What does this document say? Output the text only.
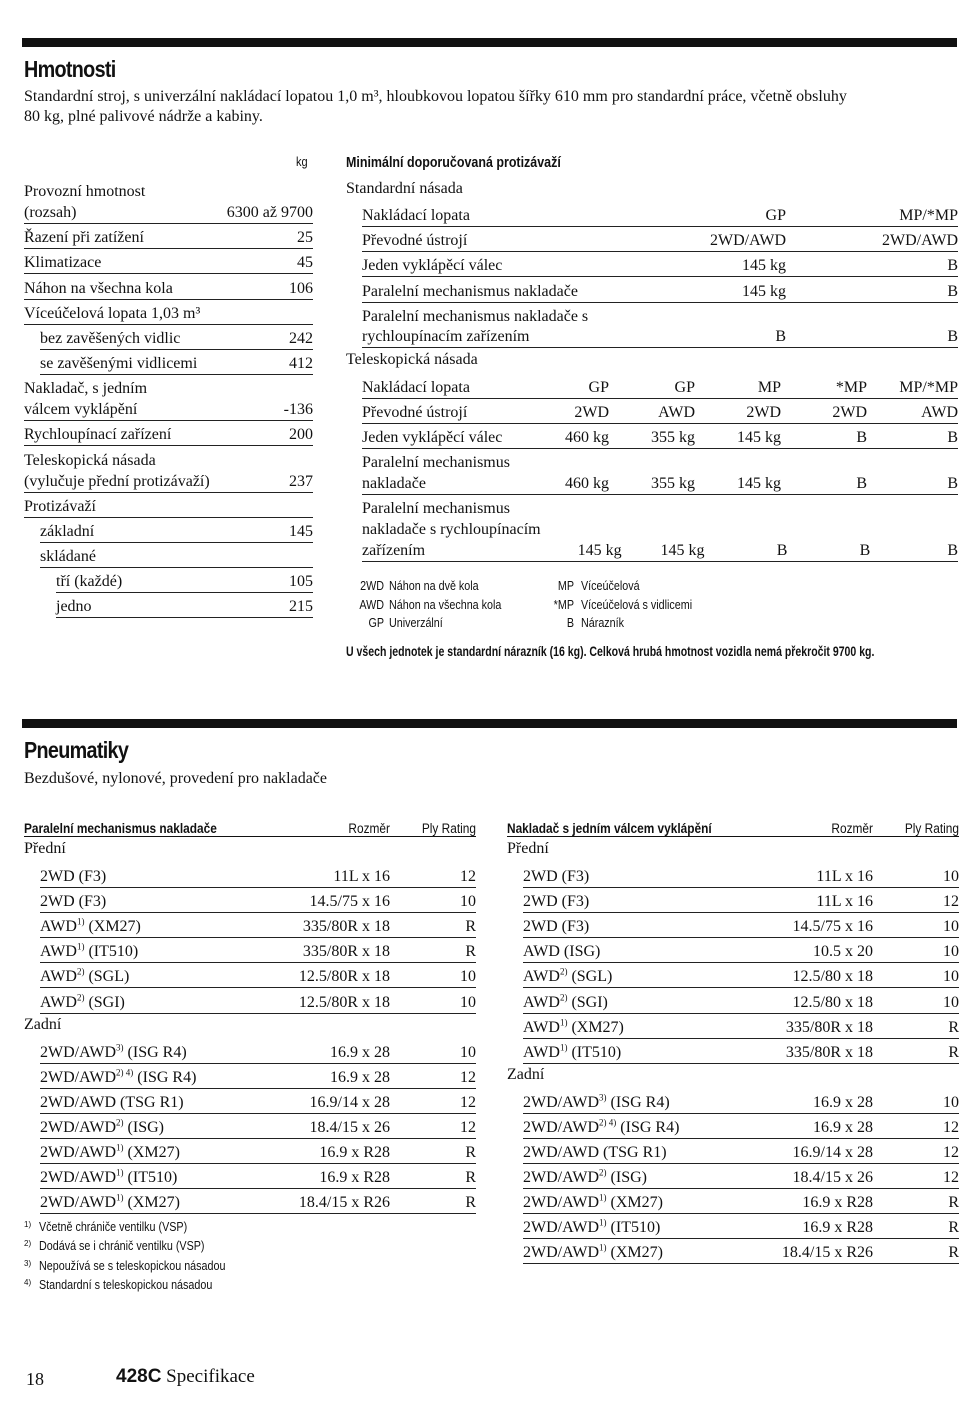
Hmotnosti
Standardní stroj, s univerzální nakládací lopatou 1,0 m³, hloubkovou lopatou šířky 610 mm pro standardní práce, včetně obsluhy
80 kg, plné palivové nádrže a kabiny.
kg
Provozní hmotnost
(rozsah)	6300 až 9700
Řazení při zatížení	25
Klimatizace	45
Náhon na všechna kola	106
Víceúčelová lopata 1,03 m³
bez zavěšených vidlic	242
se zavěšenými vidlicemi	412
Nakladač, s jedním
válcem vyklápění	-136
Rychloupínací zařízení	200
Teleskopická násada
(vylučuje přední protizávaží)	237
Protizávaží
základní	145
skládané
tří (každé)	105
jedno	215
Minimální doporučovaná protizávaží
Standardní násada
Nakládací lopata	GP	MP/*MP
Převodné ústrojí	2WD/AWD	2WD/AWD
Jeden vyklápěcí válec	145 kg	B
Paralelní mechanismus nakladače	145 kg	B
Paralelní mechanismus nakladače s
rychloupínacím zařízením	B	B
Teleskopická násada
Nakládací lopata	GP	GP	MP	*MP	MP/*MP
Převodné ústrojí	2WD	AWD	2WD	2WD	AWD
Jeden vyklápěcí válec	460 kg	355 kg	145 kg	B	B
Paralelní mechanismus
nakladače	460 kg	355 kg	145 kg	B	B
Paralelní mechanismus
nakladače s rychloupínacím
zařízením	145 kg	145 kg	B	B	B
2WD Náhon na dvě kola	MP Víceúčelová
AWD Náhon na všechna kola	*MP Víceúčelová s vidlicemi
GP Univerzální	B Nárazník
U všech jednotek je standardní nárazník (16 kg). Celková hrubá hmotnost vozidla nemá překročit 9700 kg.
Pneumatiky
Bezdušové, nylonové, provedení pro nakladače
Paralelní mechanismus nakladače	Rozměr	Ply Rating
Přední
2WD (F3)	11L x 16	12
2WD (F3)	14.5/75 x 16	10
AWD$^{1)}$ (XM27)	335/80R x 18	R
AWD$^{1)}$ (IT510)	335/80R x 18	R
AWD$^{2)}$ (SGL)	12.5/80R x 18	10
AWD$^{2)}$ (SGI)	12.5/80R x 18	10
Zadní
2WD/AWD$^{3)}$ (ISG R4)	16.9 x 28	10
$2WD/AWD^{2) 4)}$ (ISG R4)	16.9 x 28	12
2WD/AWD (TSG R1)	16.9/14 x 28	12
2WD/AWD$^{2)}$ (ISG)	18.4/15 x 26	12
2WD/AWD$^{1)}$ (XM27)	16.9 x R28	R
2WD/AWD$^{1)}$ (IT510)	16.9 x R28	R
2WD/AWD$^{1)}$ (XM27)	18.4/15 x R26	R
Nakladač s jedním válcem vyklápění	Rozměr	Ply Rating
Přední
2WD (F3)	11L x 16	10
2WD (F3)	11L x 16	12
2WD (F3)	14.5/75 x 16	10
AWD (ISG)	10.5 x 20	10
AWD$^{2)}$ (SGL)	12.5/80 x 18	10
AWD$^{2)}$ (SGI)	12.5/80 x 18	10
AWD$^{1)}$ (XM27)	335/80R x 18	R
AWD$^{1)}$ (IT510)	335/80R x 18	R
Zadní
2WD/AWD$^{3)}$ (ISG R4)	16.9 x 28	10
$2WD/AWD^{2) 4)}$ (ISG R4)	16.9 x 28	12
2WD/AWD (TSG R1)	16.9/14 x 28	12
2WD/AWD$^{2)}$ (ISG)	18.4/15 x 26	12
2WD/AWD$^{1)}$ (XM27)	16.9 x R28	R
2WD/AWD$^{1)}$ (IT510)	16.9 x R28	R
2WD/AWD$^{1)}$ (XM27)	18.4/15 x R26	R
1) Včetně chrániče ventilku (VSP)
2) Dodává se i chránič ventilku (VSP)
3) Nepoužívá se s teleskopickou násadou
4) Standardní s teleskopickou násadou
18	428C Specifikace
